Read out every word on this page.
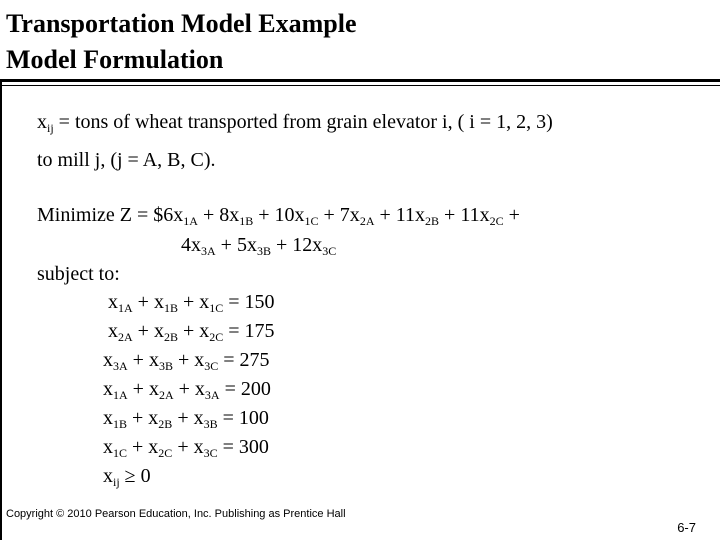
Transportation Model Example
Model Formulation
$x_{ij}$ = tons of wheat transported from grain elevator i, ( i = 1, 2, 3)
to mill j, (j = A, B, C).
Minimize $Z = \$6x_{1A} + 8x_{1B} + 10x_{1C} + 7x_{2A} + 11x_{2B} + 11x_{2C}$ +
$4x_{3A} + 5x_{3B} + 12x_{3C}$
subject to:
$x_{1A} + x_{1B} + x_{1C} = 150$
$x_{2A} + x_{2B} + x_{2C} = 175$
$x_{3A} + x_{3B} + x_{3C} = 275$
$x_{1A} + x_{2A} + x_{3A} = 200$
$x_{1B} + x_{2B} + x_{3B} = 100$
$x_{1C} + x_{2C} + x_{3C} = 300$
$x_{ij} \ge 0$
Copyright © 2010 Pearson Education, Inc. Publishing as Prentice Hall
6-7
